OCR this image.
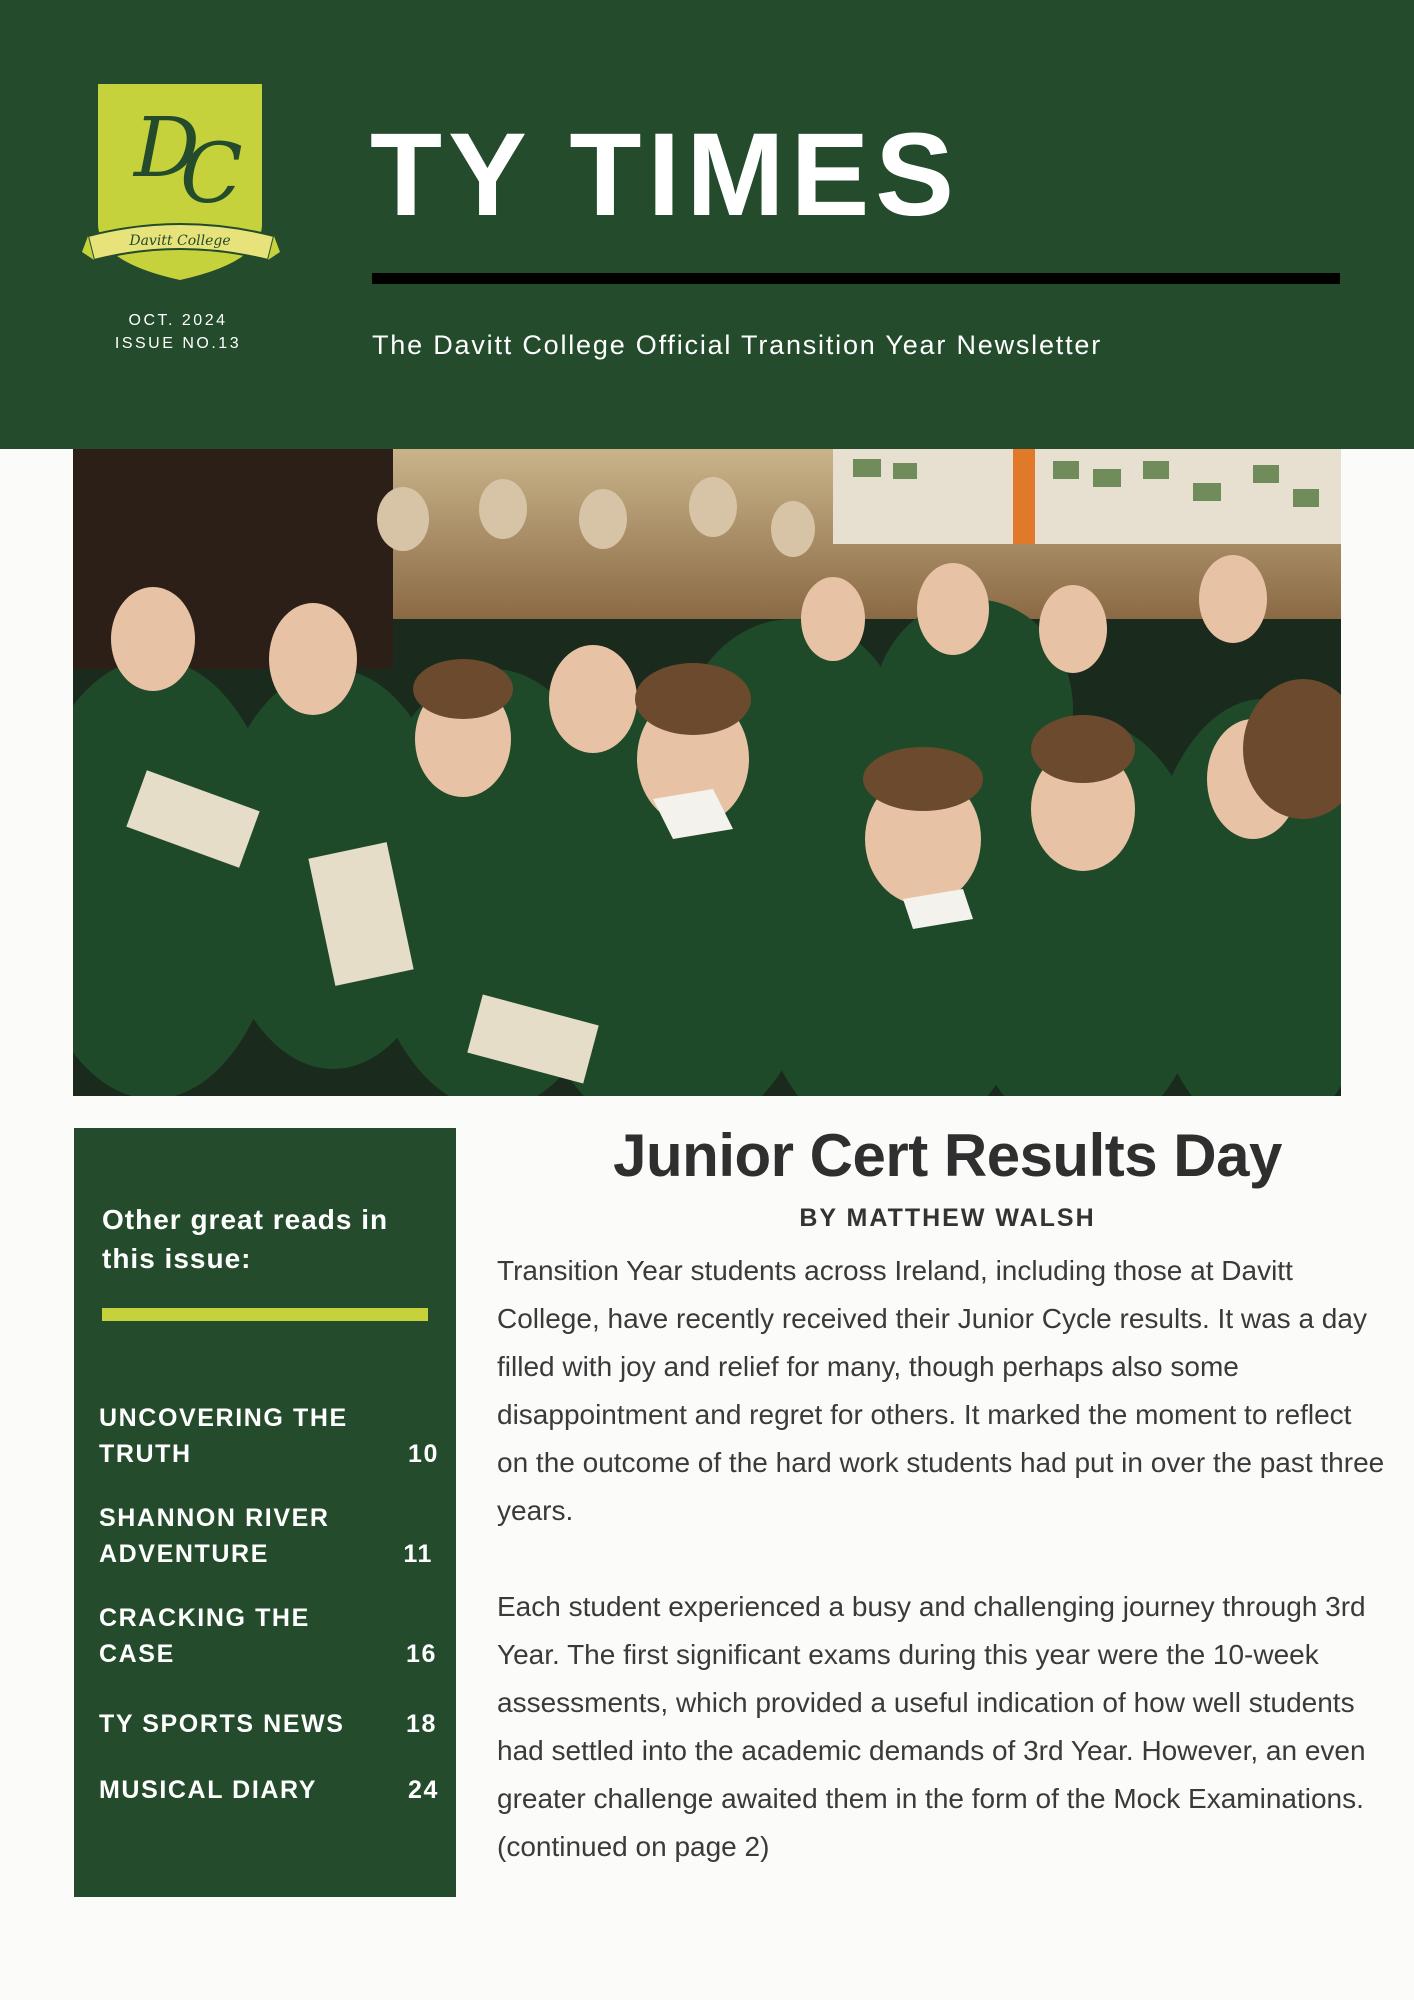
D
C
Davitt College
OCT. 2024
ISSUE NO.13
TY TIMES
The Davitt College Official Transition Year Newsletter
Other great reads in this issue:
UNCOVERING THE TRUTH	10
SHANNON RIVER ADVENTURE	11
CRACKING THE CASE	16
TY SPORTS NEWS	18
MUSICAL DIARY	24
Junior Cert Results Day
BY MATTHEW WALSH

Transition Year students across Ireland, including those at Davitt College, have recently received their Junior Cycle results. It was a day filled with joy and relief for many, though perhaps also some disappointment and regret for others. It marked the moment to reflect on the outcome of the hard work students had put in over the past three years.

Each student experienced a busy and challenging journey through 3rd Year. The first significant exams during this year were the 10-week assessments, which provided a useful indication of how well students had settled into the academic demands of 3rd Year. However, an even greater challenge awaited them in the form of the Mock Examinations. (continued on page 2)
